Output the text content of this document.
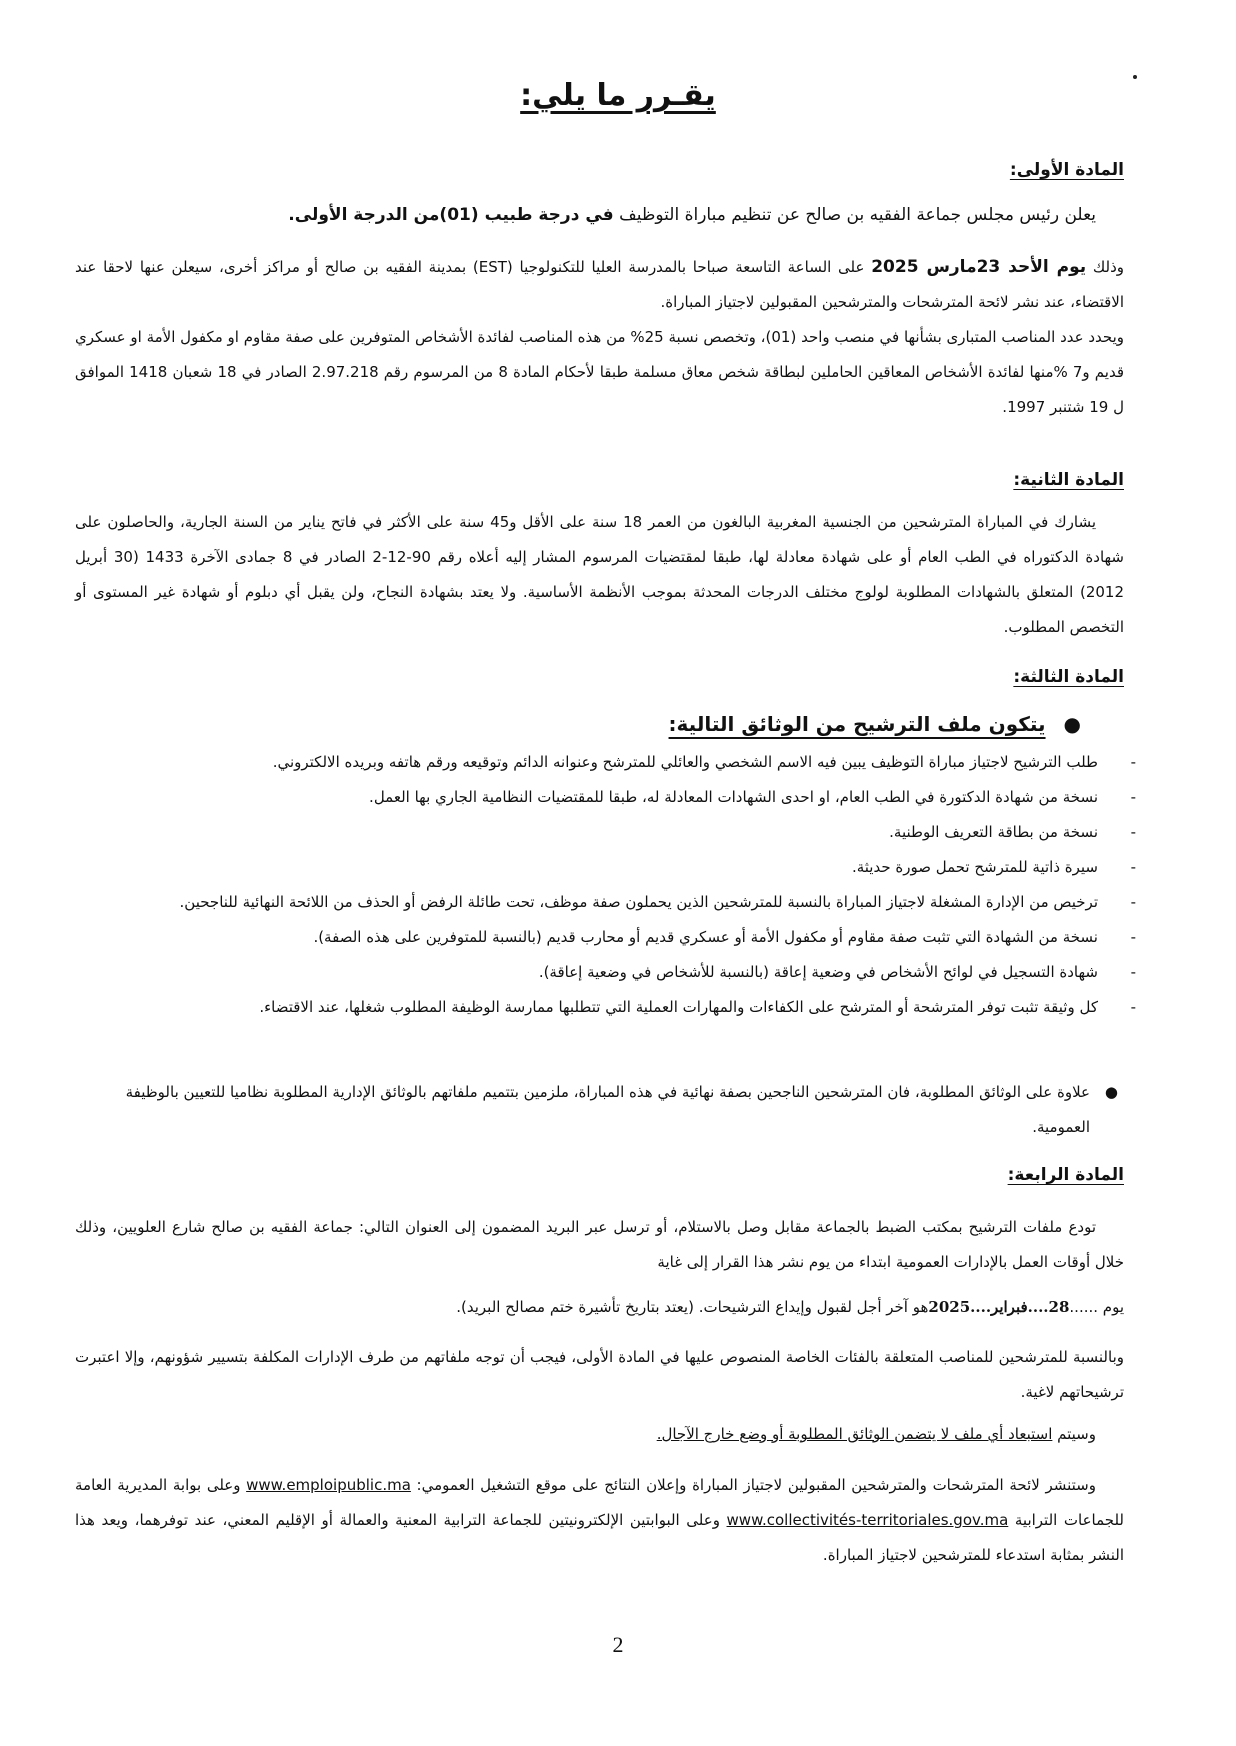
يقـرر ما يلي:
المادة الأولى:
يعلن رئيس مجلس جماعة الفقيه بن صالح عن تنظيم مباراة التوظيف في درجة طبيب (01)من الدرجة الأولى.
وذلك يوم الأحد 23مارس 2025 على الساعة التاسعة صباحا بالمدرسة العليا للتكنولوجيا (EST) بمدينة الفقيه بن صالح أو مراكز أخرى، سيعلن عنها لاحقا عند الاقتضاء، عند نشر لائحة المترشحات والمترشحين المقبولين لاجتياز المباراة.
ويحدد عدد المناصب المتبارى بشأنها في منصب واحد (01)، وتخصص نسبة 25% من هذه المناصب لفائدة الأشخاص المتوفرين على صفة مقاوم او مكفول الأمة او عسكري قديم و7 %منها لفائدة الأشخاص المعاقين الحاملين لبطاقة شخص معاق مسلمة طبقا لأحكام المادة 8 من المرسوم رقم 2.97.218 الصادر في 18 شعبان 1418 الموافق ل 19 شتنبر 1997.
المادة الثانية:
يشارك في المباراة المترشحين من الجنسية المغربية البالغون من العمر 18 سنة على الأقل و45 سنة على الأكثر في فاتح يناير من السنة الجارية، والحاصلون على شهادة الدكتوراه في الطب العام أو على شهادة معادلة لها، طبقا لمقتضيات المرسوم المشار إليه أعلاه رقم 90-12-2 الصادر في 8 جمادى الآخرة 1433 (30 أبريل 2012) المتعلق بالشهادات المطلوبة لولوج مختلف الدرجات المحدثة بموجب الأنظمة الأساسية. ولا يعتد بشهادة النجاح، ولن يقبل أي دبلوم أو شهادة غير المستوى أو التخصص المطلوب.
المادة الثالثة:
●يتكون ملف الترشيح من الوثائق التالية:
-
طلب الترشيح لاجتياز مباراة التوظيف يبين فيه الاسم الشخصي والعائلي للمترشح وعنوانه الدائم وتوقيعه ورقم هاتفه وبريده الالكتروني.
-
نسخة من شهادة الدكتورة في الطب العام، او احدى الشهادات المعادلة له، طبقا للمقتضيات النظامية الجاري بها العمل.
-
نسخة من بطاقة التعريف الوطنية.
-
سيرة ذاتية للمترشح تحمل صورة حديثة.
-
ترخيص من الإدارة المشغلة لاجتياز المباراة بالنسبة للمترشحين الذين يحملون صفة موظف، تحت طائلة الرفض أو الحذف من اللائحة النهائية للناجحين.
-
نسخة من الشهادة التي تثبت صفة مقاوم أو مكفول الأمة أو عسكري قديم أو محارب قديم (بالنسبة للمتوفرين على هذه الصفة).
-
شهادة التسجيل في لوائح الأشخاص في وضعية إعاقة (بالنسبة للأشخاص في وضعية إعاقة).
-
كل وثيقة تثبت توفر المترشحة أو المترشح على الكفاءات والمهارات العملية التي تتطلبها ممارسة الوظيفة المطلوب شغلها، عند الاقتضاء.
●
علاوة على الوثائق المطلوبة، فان المترشحين الناجحين بصفة نهائية في هذه المباراة، ملزمين بتتميم ملفاتهم بالوثائق الإدارية المطلوبة نظاميا للتعيين بالوظيفة العمومية.
المادة الرابعة:
تودع ملفات الترشيح بمكتب الضبط بالجماعة مقابل وصل بالاستلام، أو ترسل عبر البريد المضمون إلى العنوان التالي: جماعة الفقيه بن صالح شارع العلويين، وذلك خلال أوقات العمل بالإدارات العمومية ابتداء من يوم نشر هذا القرار إلى غاية
يوم ......28....فبراير....2025هو آخر أجل لقبول وإيداع الترشيحات. (يعتد بتاريخ تأشيرة ختم مصالح البريد).
وبالنسبة للمترشحين للمناصب المتعلقة بالفئات الخاصة المنصوص عليها في المادة الأولى، فيجب أن توجه ملفاتهم من طرف الإدارات المكلفة بتسيير شؤونهم، وإلا اعتبرت ترشيحاتهم لاغية.
وسيتم استبعاد أي ملف لا يتضمن الوثائق المطلوبة أو وضع خارج الآجال.
وستنشر لائحة المترشحات والمترشحين المقبولين لاجتياز المباراة وإعلان النتائج على موقع التشغيل العمومي: www.emploipublic.ma وعلى بوابة المديرية العامة للجماعات الترابية www.collectivités-territoriales.gov.ma وعلى البوابتين الإلكترونيتين للجماعة الترابية المعنية والعمالة أو الإقليم المعني، عند توفرهما، ويعد هذا النشر بمثابة استدعاء للمترشحين لاجتياز المباراة.
2
